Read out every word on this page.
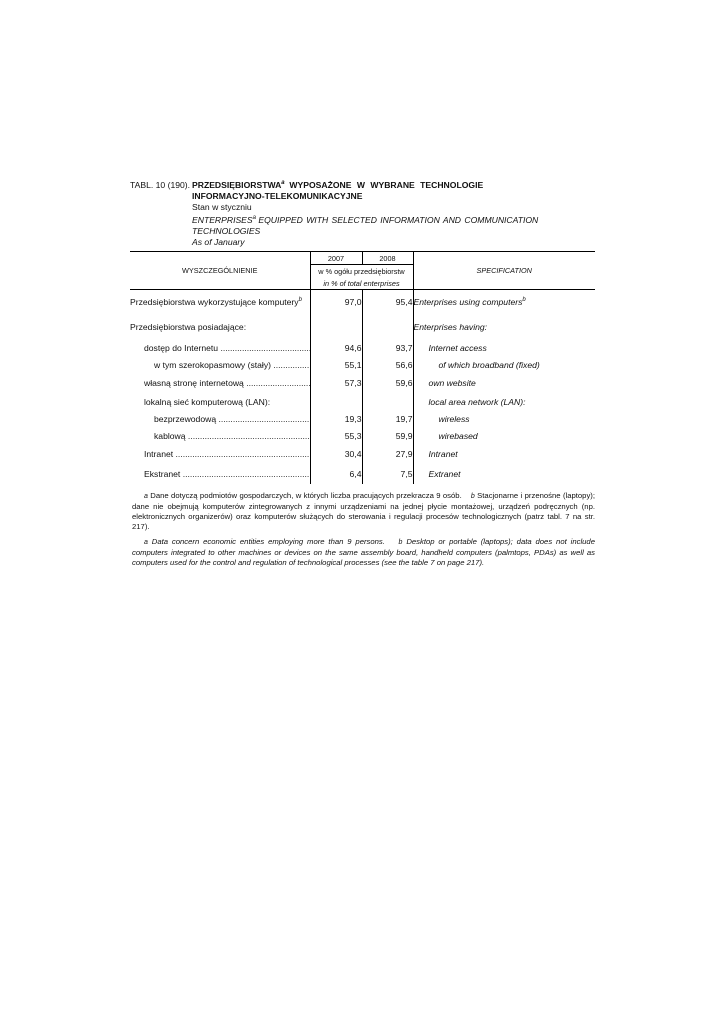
TABL. 10 (190). PRZEDSIĘBIORSTWA$^a$ WYPOSAŻONE W WYBRANE TECHNOLOGIE
INFORMACYJNO-TELEKOMUNIKACYJNE
Stan w styczniu
ENTERPRISES$^a$ EQUIPPED WITH SELECTED INFORMATION AND COMMUNICATION
TECHNOLOGIES
As of January
WYSZCZEGÓLNIENIE	2007	2008	SPECIFICATION
	w % ogółu przedsiębiorstw		
	in % of total enterprises		
Przedsiębiorstwa wykorzystujące komputery$^b$	97,0	95,4	Enterprises using computers$^b$
Przedsiębiorstwa posiadające:			Enterprises having:
dostęp do Internetu .....	94,6	93,7	Internet access
w tym szerokopasmowy (stały) .....	55,1	56,6	of which broadband (fixed)
własną stronę internetową .....	57,3	59,6	own website
lokalną sieć komputerową (LAN):			local area network (LAN):
bezprzewodową .....	19,3	19,7	wireless
kablową .....	55,3	59,9	wirebased
Intranet .....	30,4	27,9	Intranet
Ekstranet .....	6,4	7,5	Extranet

a Dane dotyczą podmiotów gospodarczych, w których liczba pracujących przekracza 9 osób. b Stacjonarne i przenośne (laptopy); dane nie obejmują komputerów zintegrowanych z innymi urządzeniami na jednej płycie montażowej, urządzeń podręcznych (np. elektronicznych organizerów) oraz komputerów służących do sterowania i regulacji procesów technologicznych (patrz tabl. 7 na str. 217).

a Data concern economic entities employing more than 9 persons. b Desktop or portable (laptops); data does not include computers integrated to other machines or devices on the same assembly board, handheld computers (palmtops, PDAs) as well as computers used for the control and regulation of technological processes (see the table 7 on page 217).
